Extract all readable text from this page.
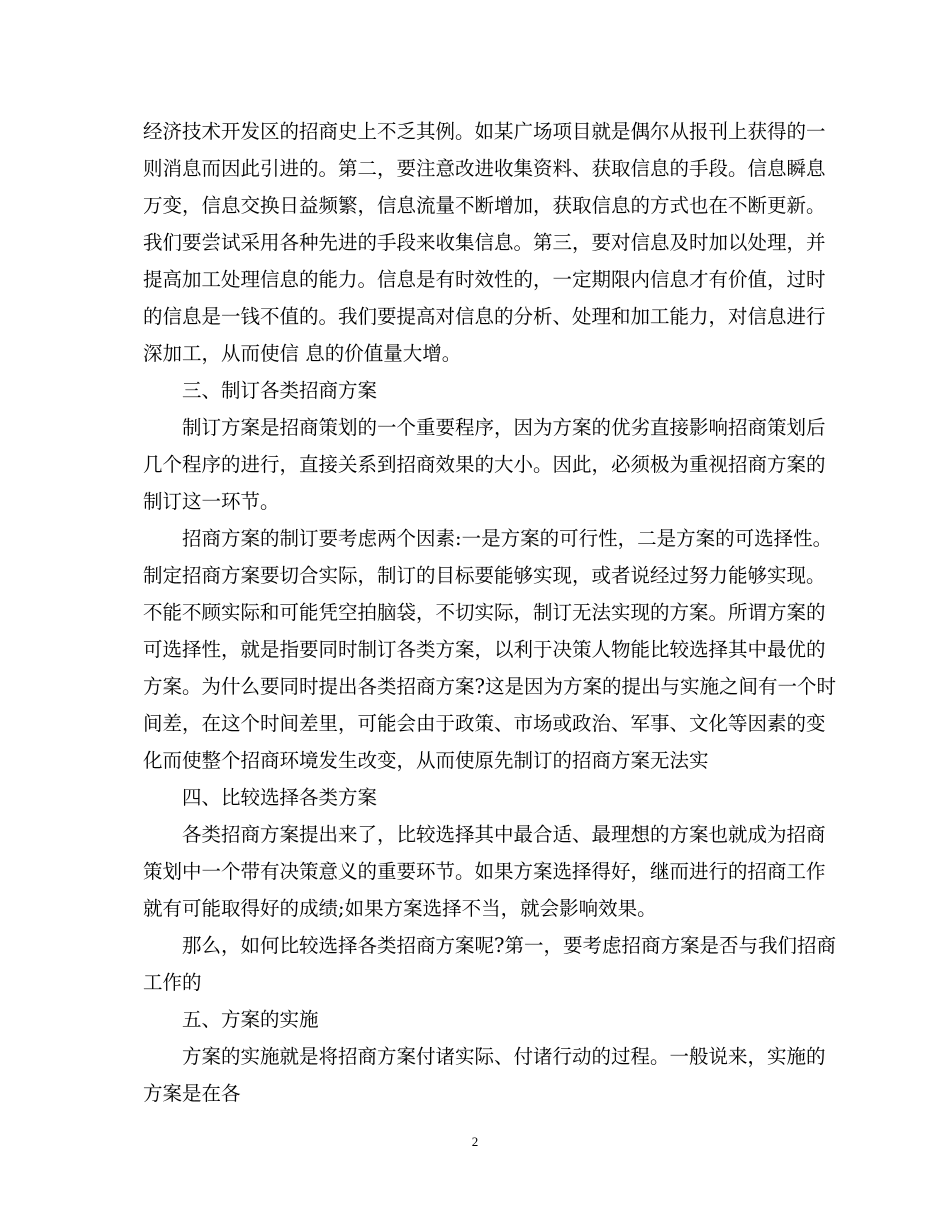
经济技术开发区的招商史上不乏其例。如某广场项目就是偶尔从报刊上获得的一
则消息而因此引进的。第二，要注意改进收集资料、获取信息的手段。信息瞬息
万变，信息交换日益频繁，信息流量不断增加，获取信息的方式也在不断更新。
我们要尝试采用各种先进的手段来收集信息。第三，要对信息及时加以处理，并
提高加工处理信息的能力。信息是有时效性的，一定期限内信息才有价值，过时
的信息是一钱不值的。我们要提高对信息的分析、处理和加工能力，对信息进行
深加工，从而使信 息的价值量大增。
三、制订各类招商方案
制订方案是招商策划的一个重要程序，因为方案的优劣直接影响招商策划后
几个程序的进行，直接关系到招商效果的大小。因此，必须极为重视招商方案的
制订这一环节。
招商方案的制订要考虑两个因素:一是方案的可行性，二是方案的可选择性。
制定招商方案要切合实际，制订的目标要能够实现，或者说经过努力能够实现。
不能不顾实际和可能凭空拍脑袋，不切实际，制订无法实现的方案。所谓方案的
可选择性，就是指要同时制订各类方案，以利于决策人物能比较选择其中最优的
方案。为什么要同时提出各类招商方案?这是因为方案的提出与实施之间有一个时
间差，在这个时间差里，可能会由于政策、市场或政治、军事、文化等因素的变
化而使整个招商环境发生改变，从而使原先制订的招商方案无法实
四、比较选择各类方案
各类招商方案提出来了，比较选择其中最合适、最理想的方案也就成为招商
策划中一个带有决策意义的重要环节。如果方案选择得好，继而进行的招商工作
就有可能取得好的成绩;如果方案选择不当，就会影响效果。
那么，如何比较选择各类招商方案呢?第一，要考虑招商方案是否与我们招商
工作的
五、方案的实施
方案的实施就是将招商方案付诸实际、付诸行动的过程。一般说来，实施的
方案是在各
2
